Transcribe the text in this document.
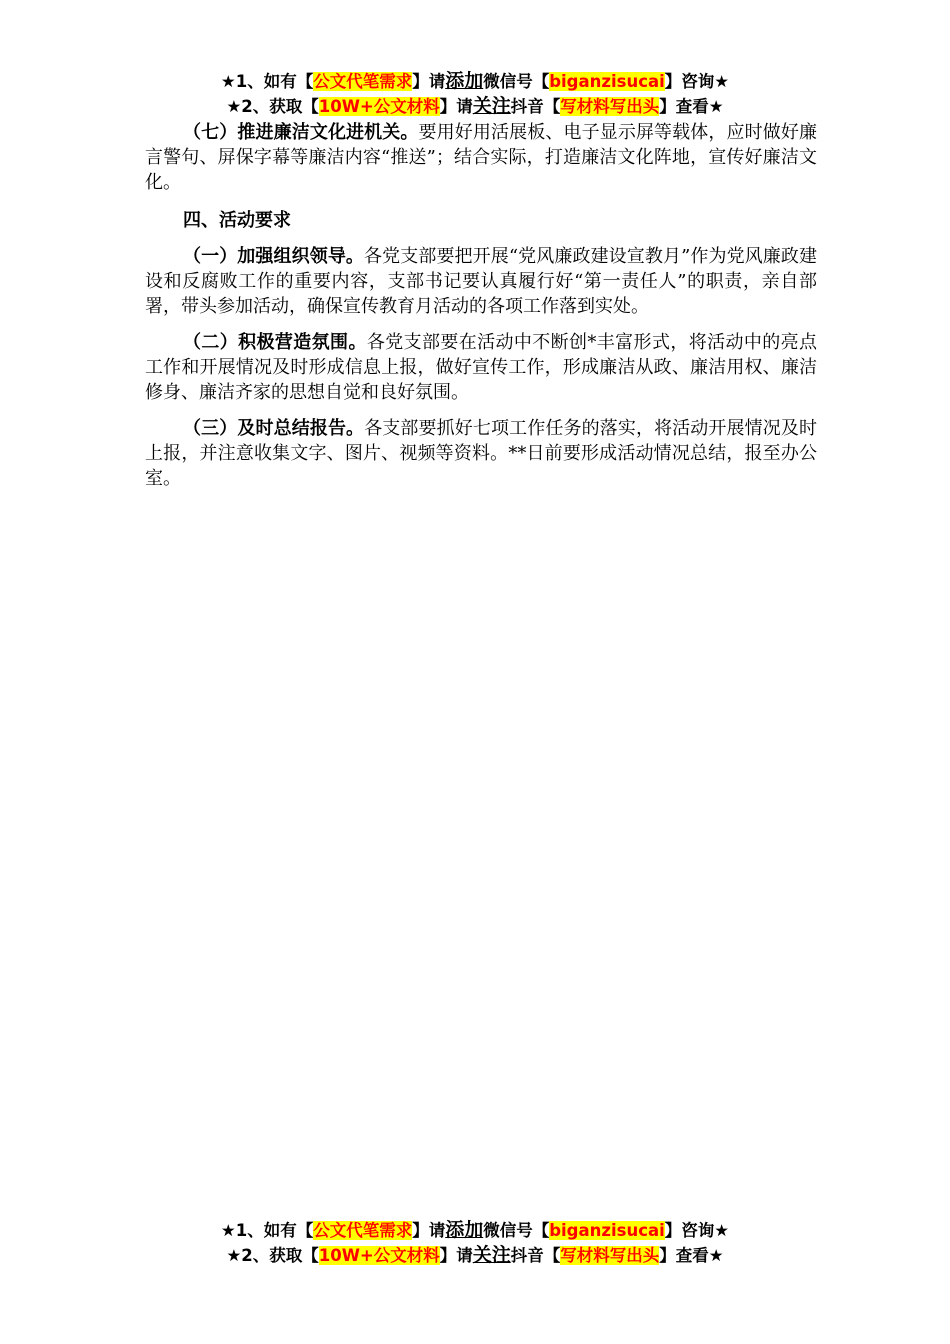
★1、如有【公文代笔需求】请添加微信号【biganzisucai】咨询★
★2、获取【10W+公文材料】请关注抖音【写材料写出头】查看★

（七）推进廉洁文化进机关。要用好用活展板、电子显示屏等载体，应时做好廉言警句、屏保字幕等廉洁内容“推送”；结合实际，打造廉洁文化阵地，宣传好廉洁文化。

四、活动要求

（一）加强组织领导。各党支部要把开展“党风廉政建设宣教月”作为党风廉政建设和反腐败工作的重要内容，支部书记要认真履行好“第一责任人”的职责，亲自部署，带头参加活动，确保宣传教育月活动的各项工作落到实处。

（二）积极营造氛围。各党支部要在活动中不断创*丰富形式，将活动中的亮点工作和开展情况及时形成信息上报，做好宣传工作，形成廉洁从政、廉洁用权、廉洁修身、廉洁齐家的思想自觉和良好氛围。

（三）及时总结报告。各支部要抓好七项工作任务的落实，将活动开展情况及时上报，并注意收集文字、图片、视频等资料。**日前要形成活动情况总结，报至办公室。

★1、如有【公文代笔需求】请添加微信号【biganzisucai】咨询★
★2、获取【10W+公文材料】请关注抖音【写材料写出头】查看★
